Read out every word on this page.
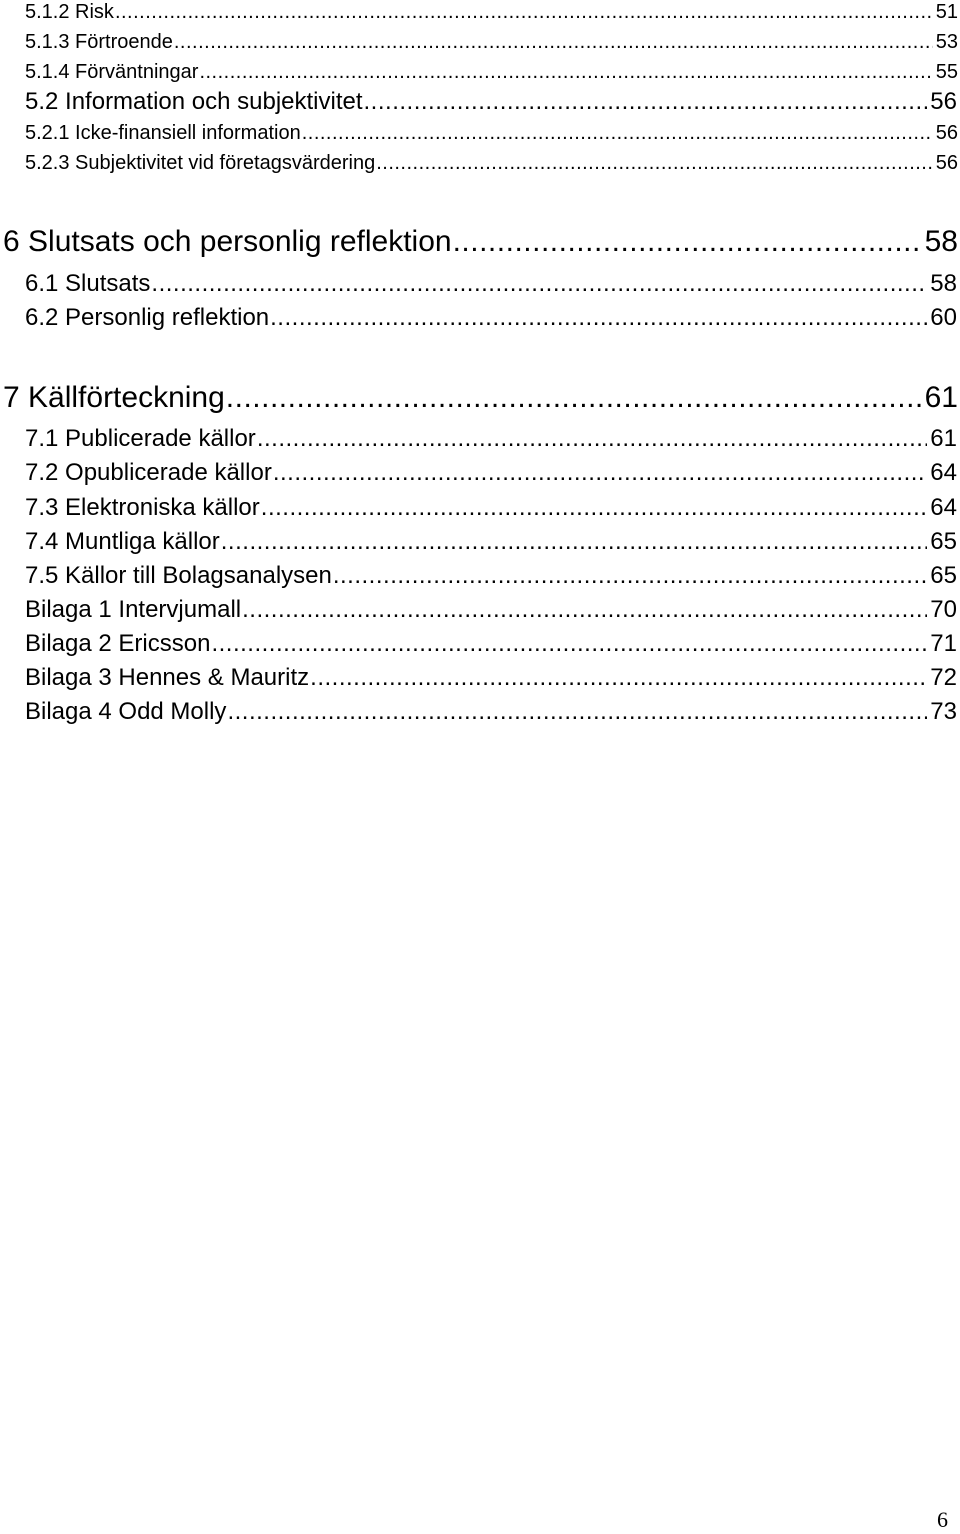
5.1.2 Risk .....	51
5.1.3 Förtroende .....	53
5.1.4 Förväntningar .....	55
5.2 Information och subjektivitet .....	56
5.2.1 Icke-finansiell information .....	56
5.2.3 Subjektivitet vid företagsvärdering .....	56
6 Slutsats och personlig reflektion .....	58
6.1 Slutsats .....	58
6.2 Personlig reflektion .....	60
7 Källförteckning .....	61
7.1 Publicerade källor .....	61
7.2 Opublicerade källor .....	64
7.3 Elektroniska källor .....	64
7.4 Muntliga källor .....	65
7.5 Källor till Bolagsanalysen .....	65
Bilaga 1 Intervjumall .....	70
Bilaga 2 Ericsson .....	71
Bilaga 3 Hennes & Mauritz .....	72
Bilaga 4 Odd Molly .....	73
6
